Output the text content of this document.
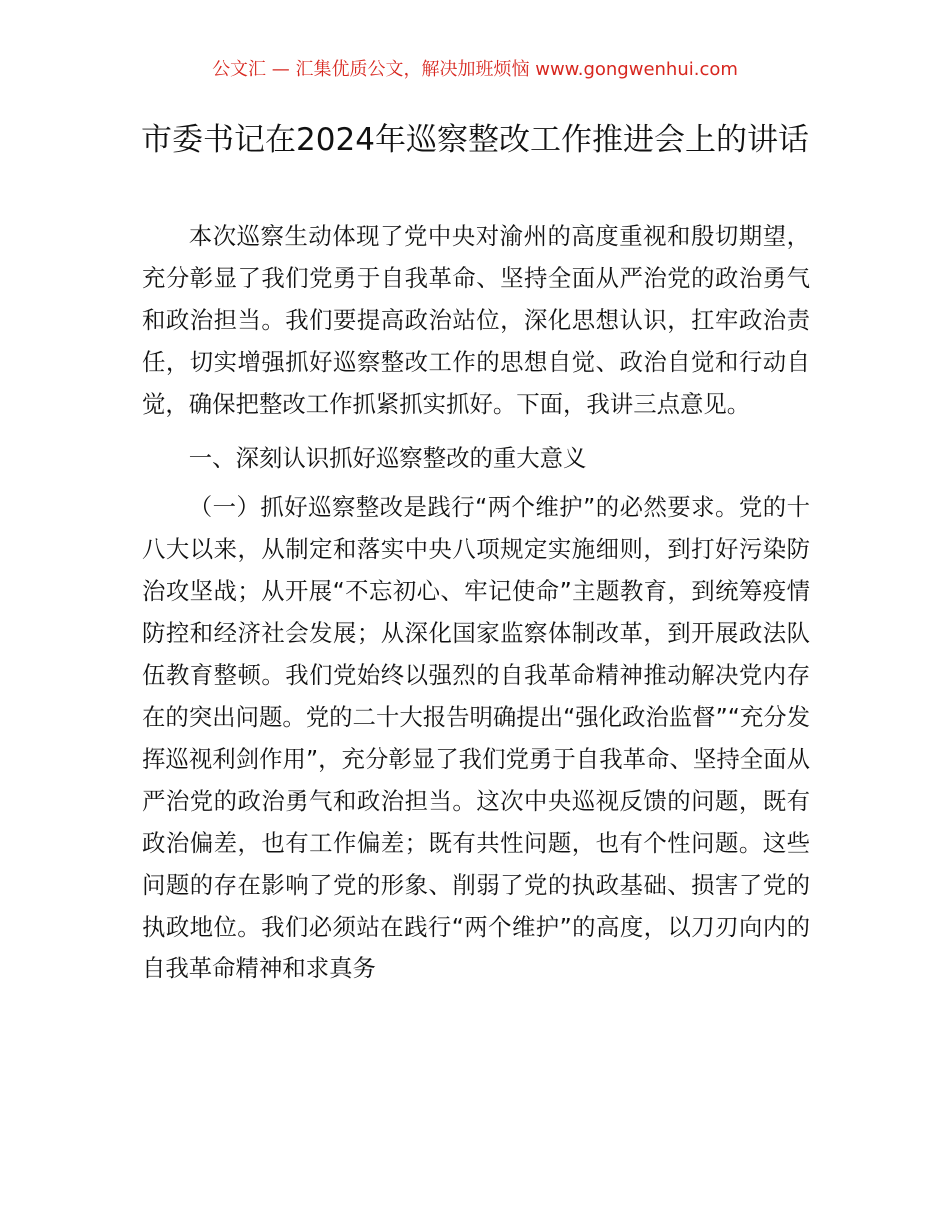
公文汇 — 汇集优质公文，解决加班烦恼 www.gongwenhui.com
市委书记在2024年巡察整改工作推进会上的讲话

本次巡察生动体现了党中央对渝州的高度重视和殷切期望，充分彰显了我们党勇于自我革命、坚持全面从严治党的政治勇气和政治担当。我们要提高政治站位，深化思想认识，扛牢政治责任，切实增强抓好巡察整改工作的思想自觉、政治自觉和行动自觉，确保把整改工作抓紧抓实抓好。下面，我讲三点意见。

一、深刻认识抓好巡察整改的重大意义

（一）抓好巡察整改是践行“两个维护”的必然要求。党的十八大以来，从制定和落实中央八项规定实施细则，到打好污染防治攻坚战；从开展“不忘初心、牢记使命”主题教育，到统筹疫情防控和经济社会发展；从深化国家监察体制改革，到开展政法队伍教育整顿。我们党始终以强烈的自我革命精神推动解决党内存在的突出问题。党的二十大报告明确提出“强化政治监督”“充分发挥巡视利剑作用”，充分彰显了我们党勇于自我革命、坚持全面从严治党的政治勇气和政治担当。这次中央巡视反馈的问题，既有政治偏差，也有工作偏差；既有共性问题，也有个性问题。这些问题的存在影响了党的形象、削弱了党的执政基础、损害了党的执政地位。我们必须站在践行“两个维护”的高度，以刀刃向内的自我革命精神和求真务
